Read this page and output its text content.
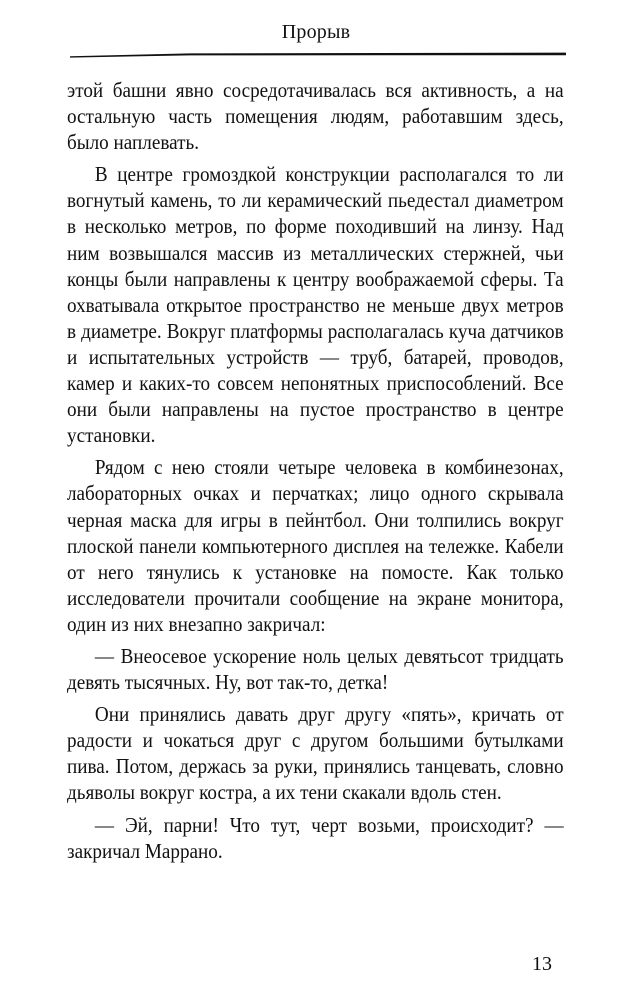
Прорыв

этой башни явно сосредотачивалась вся активность, а на остальную часть помещения людям, работавшим здесь, было наплевать.

В центре громоздкой конструкции располагался то ли вогнутый камень, то ли керамический пьедестал диаметром в несколько метров, по форме походивший на линзу. Над ним возвышался массив из металлических стержней, чьи концы были направлены к центру воображаемой сферы. Та охватывала открытое пространство не меньше двух метров в диаметре. Вокруг платформы располагалась куча датчиков и испытательных устройств — труб, батарей, проводов, камер и каких-то совсем непонятных приспособлений. Все они были направлены на пустое пространство в центре установки.

Рядом с нею стояли четыре человека в комбинезонах, лабораторных очках и перчатках; лицо одного скрывала черная маска для игры в пейнтбол. Они толпились вокруг плоской панели компьютерного дисплея на тележке. Кабели от него тянулись к установке на помосте. Как только исследователи прочитали сообщение на экране монитора, один из них внезапно закричал:

— Внеосевое ускорение ноль целых девятьсот тридцать девять тысячных. Ну, вот так-то, детка!

Они принялись давать друг другу «пять», кричать от радости и чокаться друг с другом большими бутылками пива. Потом, держась за руки, принялись танцевать, словно дьяволы вокруг костра, а их тени скакали вдоль стен.

— Эй, парни! Что тут, черт возьми, происходит? — закричал Маррано.

13
